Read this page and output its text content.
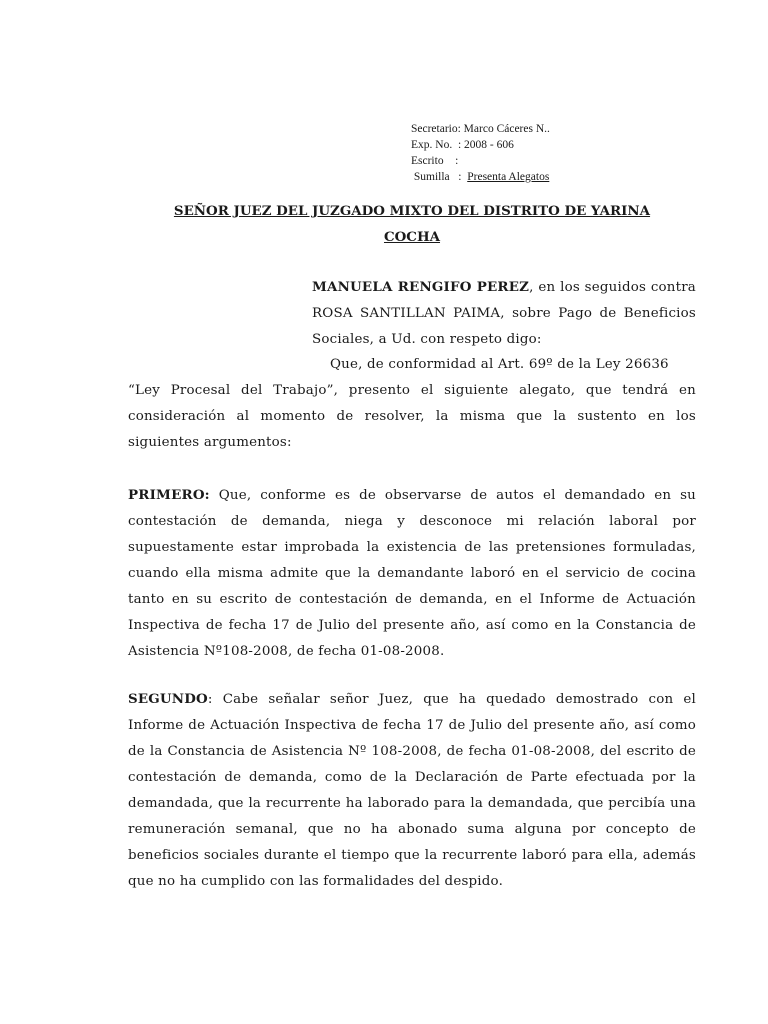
Secretario: Marco Cáceres N..
Exp. No.  : 2008 - 606
Escrito    :
Sumilla   :  Presenta Alegatos
SEÑOR JUEZ DEL JUZGADO MIXTO DEL DISTRITO DE YARINA
COCHA
MANUELA RENGIFO PEREZ, en los seguidos contra ROSA SANTILLAN PAIMA, sobre Pago de Beneficios Sociales, a Ud. con respeto digo:
Que, de conformidad al Art. 69º de la Ley 26636
“Ley Procesal del Trabajo”, presento el siguiente alegato, que tendrá en consideración al momento de resolver, la misma que la sustento en los siguientes argumentos:
PRIMERO: Que, conforme es de observarse de autos el demandado en su contestación de demanda, niega y desconoce mi relación laboral por supuestamente estar improbada la existencia de las pretensiones formuladas, cuando ella misma admite que la demandante laboró en el servicio de cocina tanto en su escrito de contestación de demanda, en el Informe de Actuación Inspectiva de fecha 17 de Julio del presente año, así como en la Constancia de Asistencia Nº108-2008, de fecha 01-08-2008.
SEGUNDO: Cabe señalar señor Juez, que ha quedado demostrado con el Informe de Actuación Inspectiva de fecha 17 de Julio del presente año, así como de la Constancia de Asistencia Nº 108-2008, de fecha 01-08-2008, del escrito de contestación de demanda, como de la Declaración de Parte efectuada por la demandada, que la recurrente ha laborado para la demandada, que percibía una remuneración semanal, que no ha abonado suma alguna por concepto de beneficios sociales durante el tiempo que la recurrente laboró para ella, además que no ha cumplido con las formalidades del despido.
